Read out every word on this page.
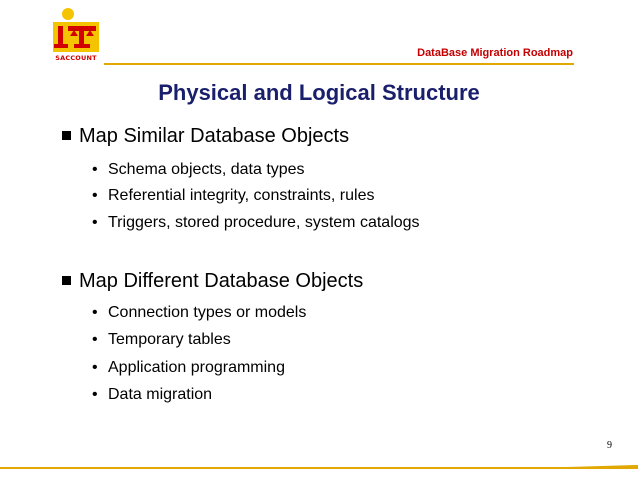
SACCOUNT	DataBase Migration Roadmap
Physical and Logical Structure
Map Similar Database Objects
• Schema objects, data types
• Referential integrity, constraints, rules
• Triggers, stored procedure, system catalogs
Map Different Database Objects
• Connection types or models
• Temporary tables
• Application programming
• Data migration
9
